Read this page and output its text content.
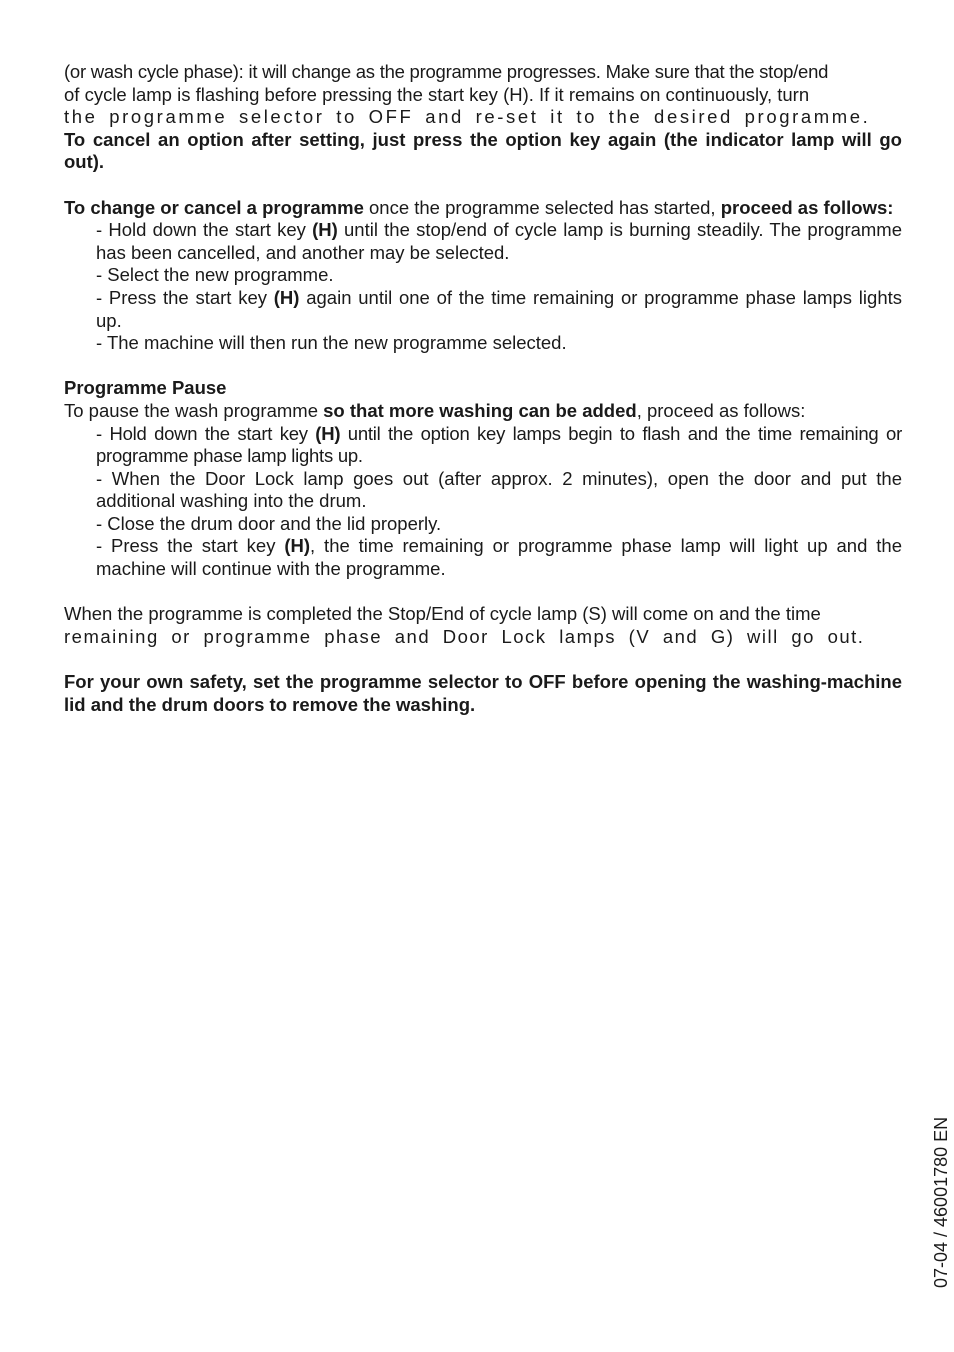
(or wash cycle phase): it will change as the programme progresses. Make sure that the stop/end

of cycle lamp is flashing before pressing the start key (H). If it remains on continuously, turn

the programme selector to OFF and re-set it to the desired programme.

To cancel an option after setting, just press the option key again (the indicator lamp will go out).

To change or cancel a programme once the programme selected has started, proceed as follows:

- Hold down the start key (H) until the stop/end of cycle lamp is burning steadily. The programme has been cancelled, and another may be selected.

- Select the new programme.

- Press the start key (H) again until one of the time remaining or programme phase lamps lights up.

- The machine will then run the new programme selected.

Programme Pause

To pause the wash programme so that more washing can be added, proceed as follows:

- Hold down the start key (H) until the option key lamps begin to flash and the time remaining or programme phase lamp lights up.

- When the Door Lock lamp goes out (after approx. 2 minutes), open the door and put the additional washing into the drum.

- Close the drum door and the lid properly.

- Press the start key (H), the time remaining or programme phase lamp will light up and the machine will continue with the programme.

When the programme is completed the Stop/End of cycle lamp (S) will come on and the time

remaining or programme phase and Door Lock lamps (V and G) will go out.

For your own safety, set the programme selector to OFF before opening the washing-machine lid and the drum doors to remove the washing.

07-04 / 46001780 EN
